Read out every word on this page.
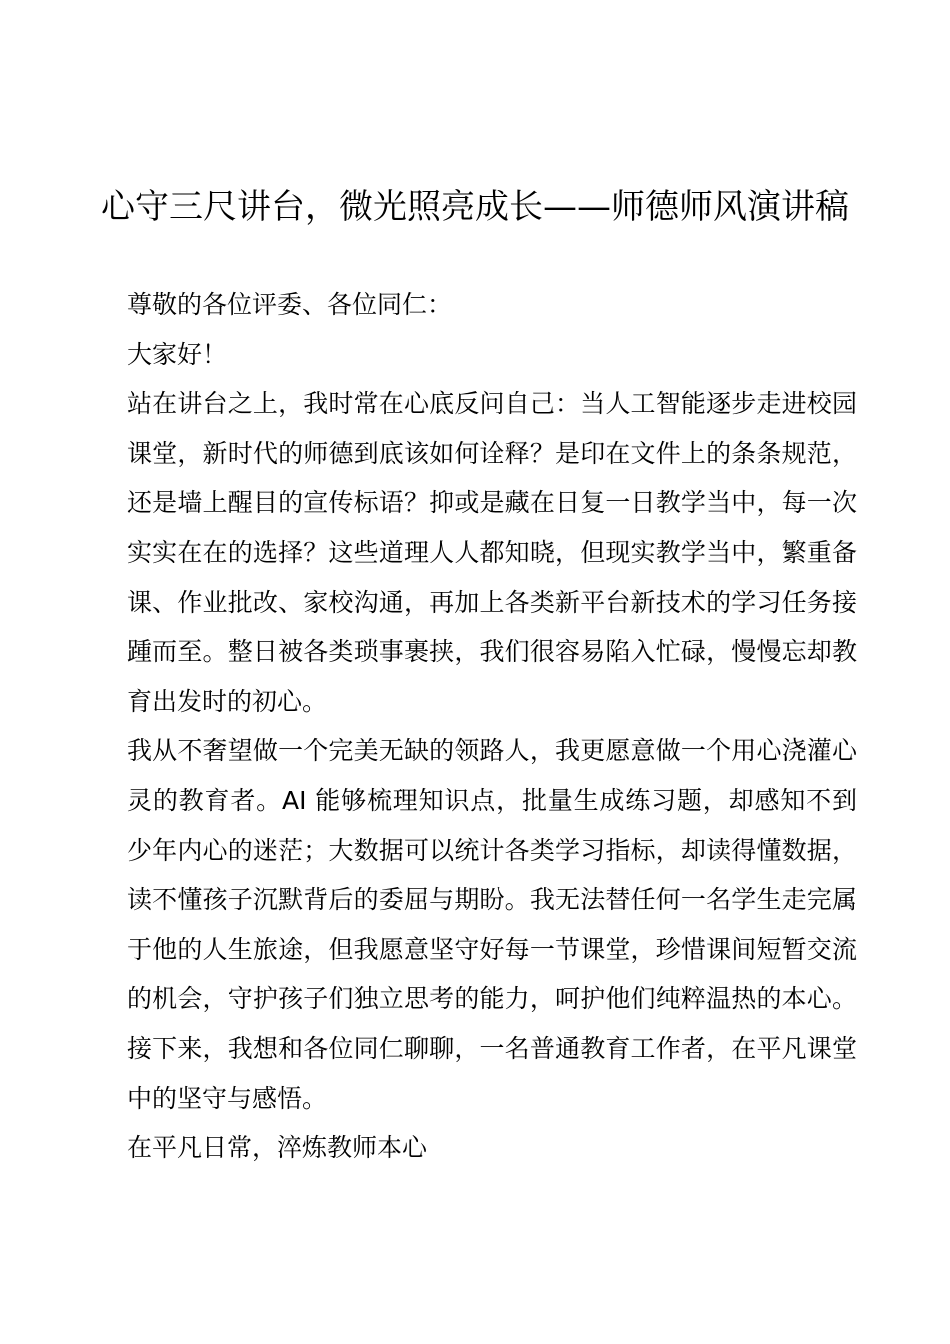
心守三尺讲台，微光照亮成长——师德师风演讲稿

尊敬的各位评委、各位同仁：

大家好！

站在讲台之上，我时常在心底反问自己：当人工智能逐步走进校园课堂，新时代的师德到底该如何诠释？是印在文件上的条条规范，还是墙上醒目的宣传标语？抑或是藏在日复一日教学当中，每一次实实在在的选择？这些道理人人都知晓，但现实教学当中，繁重备课、作业批改、家校沟通，再加上各类新平台新技术的学习任务接踵而至。整日被各类琐事裹挟，我们很容易陷入忙碌，慢慢忘却教育出发时的初心。

我从不奢望做一个完美无缺的领路人，我更愿意做一个用心浇灌心灵的教育者。AI 能够梳理知识点，批量生成练习题，却感知不到少年内心的迷茫；大数据可以统计各类学习指标，却读得懂数据，读不懂孩子沉默背后的委屈与期盼。我无法替任何一名学生走完属于他的人生旅途，但我愿意坚守好每一节课堂，珍惜课间短暂交流的机会，守护孩子们独立思考的能力，呵护他们纯粹温热的本心。接下来，我想和各位同仁聊聊，一名普通教育工作者，在平凡课堂中的坚守与感悟。

在平凡日常，淬炼教师本心
